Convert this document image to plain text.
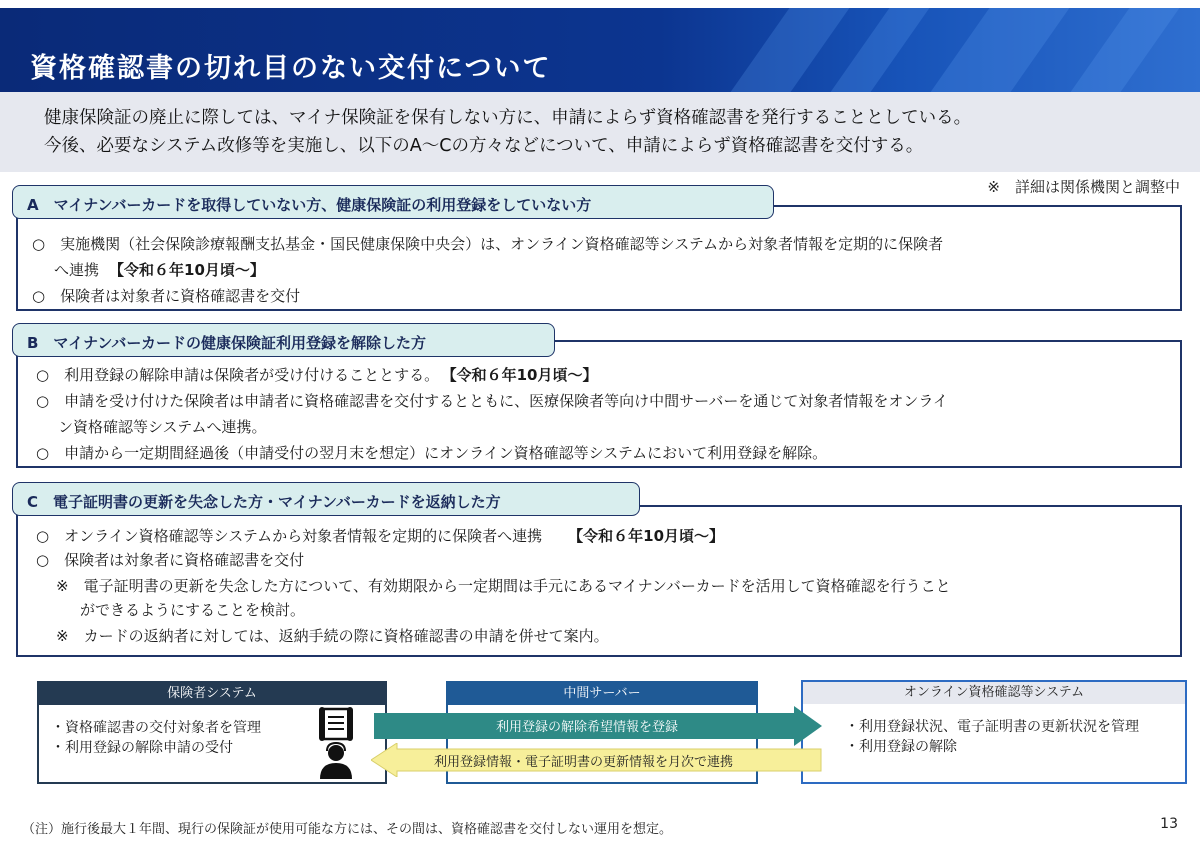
資格確認書の切れ目のない交付について
健康保険証の廃止に際しては、マイナ保険証を保有しない方に、申請によらず資格確認書を発行することとしている。
今後、必要なシステム改修等を実施し、以下のA～Cの方々などについて、申請によらず資格確認書を交付する。
※　詳細は関係機関と調整中
○　実施機関（社会保険診療報酬支払基金・国民健康保険中央会）は、オンライン資格確認等システムから対象者情報を定期的に保険者
へ連携 【令和６年10月頃～】
○　保険者は対象者に資格確認書を交付
A　マイナンバーカードを取得していない方、健康保険証の利用登録をしていない方
○　利用登録の解除申請は保険者が受け付けることとする。 【令和６年10月頃～】
○　申請を受け付けた保険者は申請者に資格確認書を交付するとともに、医療保険者等向け中間サーバーを通じて対象者情報をオンライ
ン資格確認等システムへ連携。
○　申請から一定期間経過後（申請受付の翌月末を想定）にオンライン資格確認等システムにおいて利用登録を解除。
B　マイナンバーカードの健康保険証利用登録を解除した方
○　オンライン資格確認等システムから対象者情報を定期的に保険者へ連携 【令和６年10月頃～】
○　保険者は対象者に資格確認書を交付
※　電子証明書の更新を失念した方について、有効期限から一定期間は手元にあるマイナンバーカードを活用して資格確認を行うこと
ができるようにすることを検討。
※　カードの返納者に対しては、返納手続の際に資格確認書の申請を併せて案内。
C　電子証明書の更新を失念した方・マイナンバーカードを返納した方
保険者システム
・資格確認書の交付対象者を管理
・利用登録の解除申請の受付
中間サーバー	オンライン資格確認等システム
・利用登録状況、電子証明書の更新状況を管理
・利用登録の解除
利用登録の解除希望情報を登録
利用登録情報・電子証明書の更新情報を月次で連携
（注）施行後最大１年間、現行の保険証が使用可能な方には、その間は、資格確認書を交付しない運用を想定。	13
